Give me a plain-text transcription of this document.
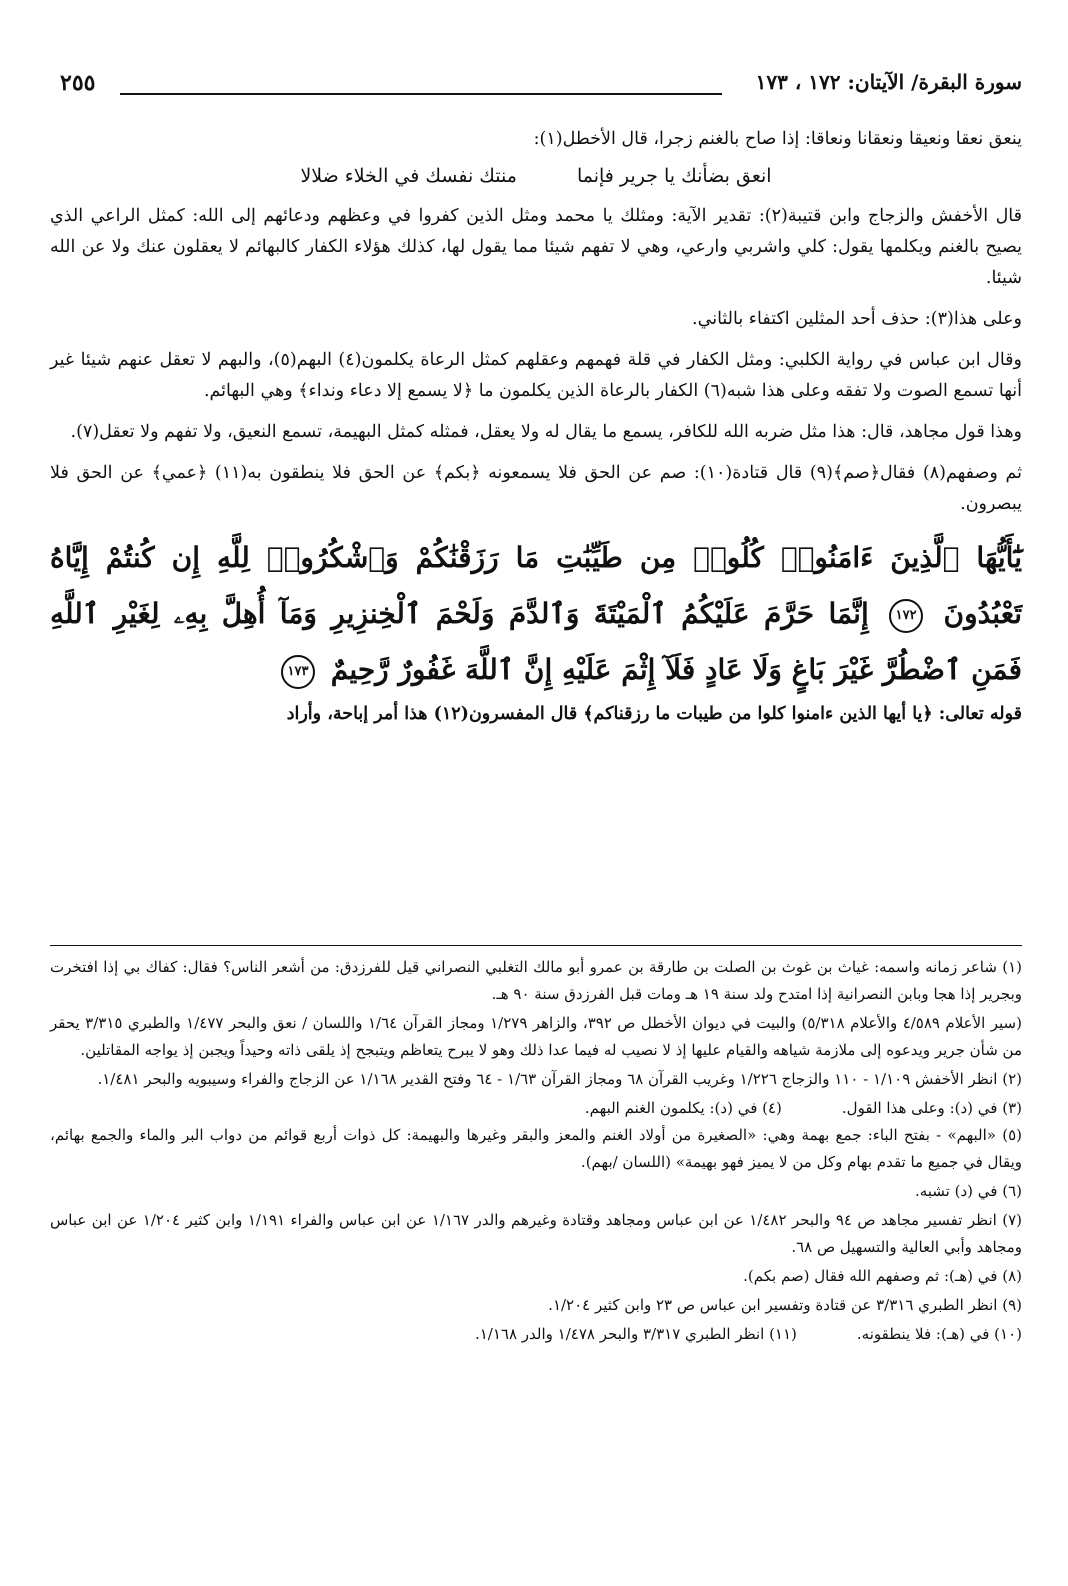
سورة البقرة/ الآيتان: ١٧٢ ، ١٧٣
٢٥٥

ينعق نعقا ونعيقا ونعقانا ونعاقا: إذا صاح بالغنم زجرا، قال الأخطل(١):

انعق بضأنك يا جرير فإنما
منتك نفسك في الخلاء ضلالا

قال الأخفش والزجاج وابن قتيبة(٢): تقدير الآية: ومثلك يا محمد ومثل الذين كفروا في وعظهم ودعائهم إلى الله: كمثل الراعي الذي يصيح بالغنم ويكلمها يقول: كلي واشربي وارعي، وهي لا تفهم شيئا مما يقول لها، كذلك هؤلاء الكفار كالبهائم لا يعقلون عنك ولا عن الله شيئا.

وعلى هذا(٣): حذف أحد المثلين اكتفاء بالثاني.

وقال ابن عباس في رواية الكلبي: ومثل الكفار في قلة فهمهم وعقلهم كمثل الرعاة يكلمون(٤) البهم(٥)، والبهم لا تعقل عنهم شيئا غير أنها تسمع الصوت ولا تفقه وعلى هذا شبه(٦) الكفار بالرعاة الذين يكلمون ما ﴿لا يسمع إلا دعاء ونداء﴾ وهي البهائم.

وهذا قول مجاهد، قال: هذا مثل ضربه الله للكافر، يسمع ما يقال له ولا يعقل، فمثله كمثل البهيمة، تسمع النعيق، ولا تفهم ولا تعقل(٧).

ثم وصفهم(٨) فقال﴿صم﴾(٩) قال قتادة(١٠): صم عن الحق فلا يسمعونه ﴿بكم﴾ عن الحق فلا ينطقون به(١١) ﴿عمي﴾ عن الحق فلا يبصرون.

يَٰٓأَيُّهَا ٱلَّذِينَ ءَامَنُوا۟ كُلُوا۟ مِن طَيِّبَٰتِ مَا رَزَقْنَٰكُمْ وَٱشْكُرُوا۟ لِلَّهِ إِن كُنتُمْ إِيَّاهُ تَعْبُدُونَ ١٧٢ إِنَّمَا حَرَّمَ عَلَيْكُمُ ٱلْمَيْتَةَ وَٱلدَّمَ وَلَحْمَ ٱلْخِنزِيرِ وَمَآ أُهِلَّ بِهِۦ لِغَيْرِ ٱللَّهِ فَمَنِ ٱضْطُرَّ غَيْرَ بَاغٍ وَلَا عَادٍ فَلَآ إِثْمَ عَلَيْهِ إِنَّ ٱللَّهَ غَفُورٌ رَّحِيمٌ ١٧٣

قوله تعالى: ﴿يا أيها الذين ءامنوا كلوا من طيبات ما رزقناكم﴾ قال المفسرون(١٢) هذا أمر إباحة، وأراد

(١) شاعر زمانه واسمه: غياث بن غوث بن الصلت بن طارقة بن عمرو أبو مالك التغلبي النصراني قيل للفرزدق: من أشعر الناس؟ فقال: كفاك بي إذا افتخرت وبجرير إذا هجا وبابن النصرانية إذا امتدح ولد سنة ١٩ هـ ومات قبل الفرزدق سنة ٩٠ هـ.

(سير الأعلام ٤/٥٨٩ والأعلام ٥/٣١٨) والبيت في ديوان الأخطل ص ٣٩٢، والزاهر ١/٢٧٩ ومجاز القرآن ١/٦٤ واللسان / نعق والبحر ١/٤٧٧ والطبري ٣/٣١٥ يحقر من شأن جرير ويدعوه إلى ملازمة شياهه والقيام عليها إذ لا نصيب له فيما عدا ذلك وهو لا يبرح يتعاظم ويتبجح إذ يلقى ذاته وحيداً ويجبن إذ يواجه المقاتلين.

(٢) انظر الأخفش ١/١٠٩ - ١١٠ والزجاج ١/٢٢٦ وغريب القرآن ٦٨ ومجاز القرآن ١/٦٣ - ٦٤ وفتح القدير ١/١٦٨ عن الزجاج والفراء وسيبويه والبحر ١/٤٨١.

(٣) في (د): وعلى هذا القول.
(٤) في (د): يكلمون الغنم البهم.

(٥) «البهم» - بفتح الباء: جمع بهمة وهي: «الصغيرة من أولاد الغنم والمعز والبقر وغيرها والبهيمة: كل ذوات أربع قوائم من دواب البر والماء والجمع بهائم، ويقال في جميع ما تقدم بهام وكل من لا يميز فهو بهيمة» (اللسان /بهم).

(٦) في (د) تشبه.

(٧) انظر تفسير مجاهد ص ٩٤ والبحر ١/٤٨٢ عن ابن عباس ومجاهد وقتادة وغيرهم والدر ١/١٦٧ عن ابن عباس والفراء ١/١٩١ وابن كثير ١/٢٠٤ عن ابن عباس ومجاهد وأبي العالية والتسهيل ص ٦٨.

(٨) في (هـ): ثم وصفهم الله فقال (صم بكم).

(٩) انظر الطبري ٣/٣١٦ عن قتادة وتفسير ابن عباس ص ٢٣ وابن كثير ١/٢٠٤.

(١٠) في (هـ): فلا ينطقونه.
(١١) انظر الطبري ٣/٣١٧ والبحر ١/٤٧٨ والدر ١/١٦٨.
